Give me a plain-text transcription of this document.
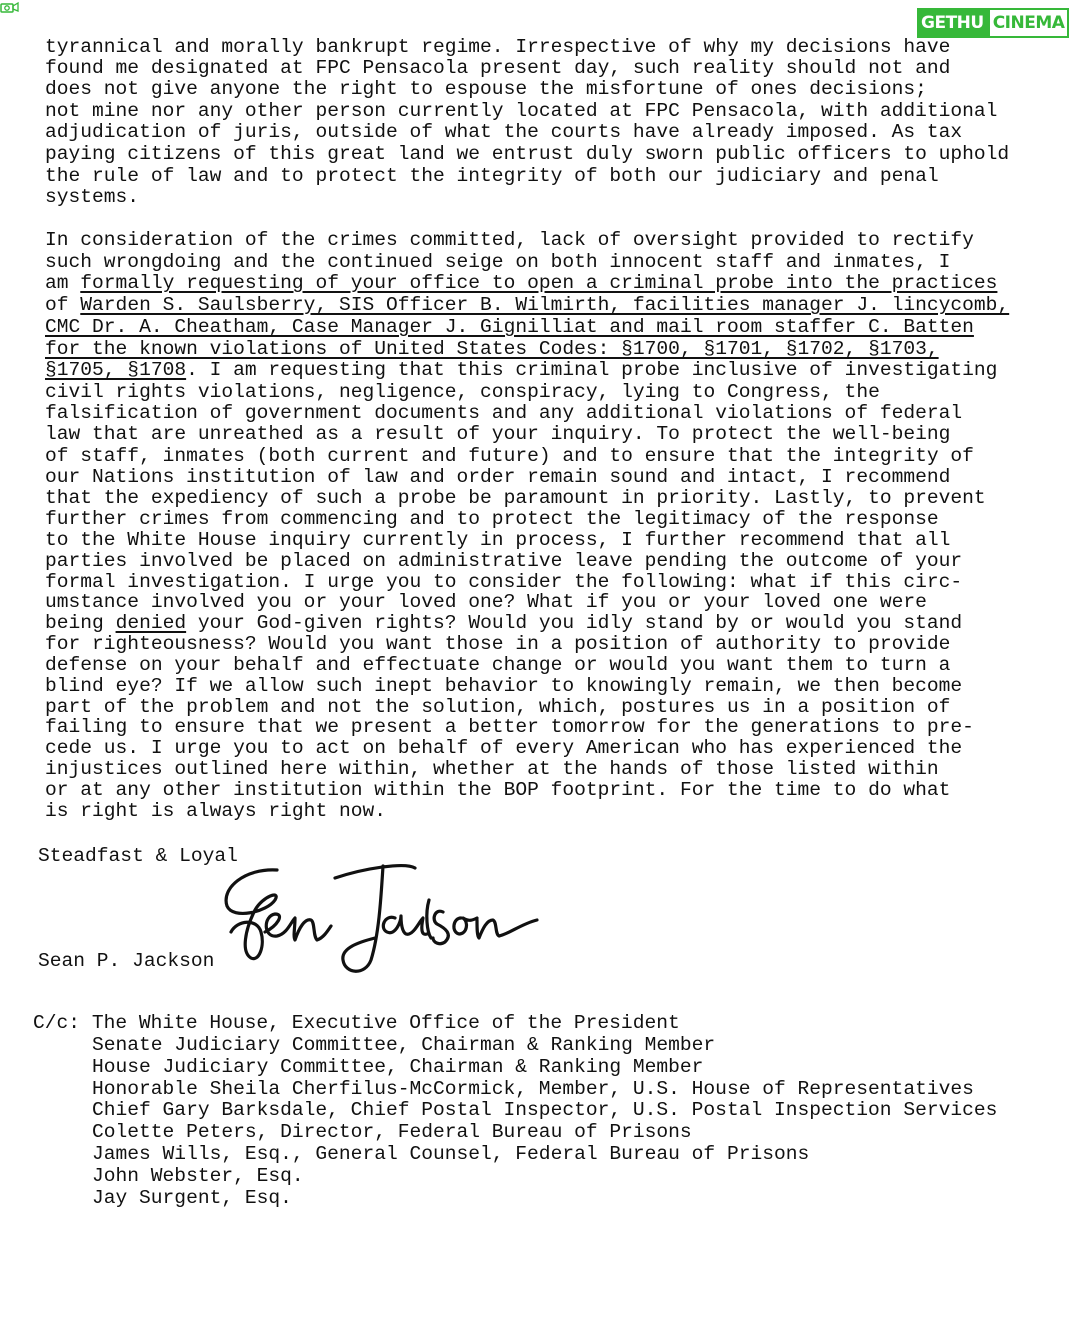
GETHU CINEMA
tyrannical and morally bankrupt regime. Irrespective of why my decisions have
found me designated at FPC Pensacola present day, such reality should not and
does not give anyone the right to espouse the misfortune of ones decisions;
not mine nor any other person currently located at FPC Pensacola, with additional
adjudication of juris, outside of what the courts have already imposed. As tax
paying citizens of this great land we entrust duly sworn public officers to uphold
the rule of law and to protect the integrity of both our judiciary and penal
systems.
In consideration of the crimes committed, lack of oversight provided to rectify
such wrongdoing and the continued seige on both innocent staff and inmates, I
am formally requesting of your office to open a criminal probe into the practices
of Warden S. Saulsberry, SIS Officer B. Wilmirth, facilities manager J. lincycomb,
CMC Dr. A. Cheatham, Case Manager J. Gignilliat and mail room staffer C. Batten
for the known violations of United States Codes: §1700, §1701, §1702, §1703,
§1705, §1708. I am requesting that this criminal probe inclusive of investigating
civil rights violations, negligence, conspiracy, lying to Congress, the
falsification of government documents and any additional violations of federal
law that are unreathed as a result of your inquiry. To protect the well-being
of staff, inmates (both current and future) and to ensure that the integrity of
our Nations institution of law and order remain sound and intact, I recommend
that the expediency of such a probe be paramount in priority. Lastly, to prevent
further crimes from commencing and to protect the legitimacy of the response
to the White House inquiry currently in process, I further recommend that all
parties involved be placed on administrative leave pending the outcome of your
formal investigation. I urge you to consider the following: what if this circ-
umstance involved you or your loved one? What if you or your loved one were
being denied your God-given rights? Would you idly stand by or would you stand
for righteousness? Would you want those in a position of authority to provide
defense on your behalf and effectuate change or would you want them to turn a
blind eye? If we allow such inept behavior to knowingly remain, we then become
part of the problem and not the solution, which, postures us in a position of
failing to ensure that we present a better tomorrow for the generations to pre-
cede us. I urge you to act on behalf of every American who has experienced the
injustices outlined here within, whether at the hands of those listed within
or at any other institution within the BOP footprint. For the time to do what
is right is always right now.
Steadfast & Loyal
Sean P. Jackson
C/c: The White House, Executive Office of the President
Senate Judiciary Committee, Chairman & Ranking Member
House Judiciary Committee, Chairman & Ranking Member
Honorable Sheila Cherfilus-McCormick, Member, U.S. House of Representatives
Chief Gary Barksdale, Chief Postal Inspector, U.S. Postal Inspection Services
Colette Peters, Director, Federal Bureau of Prisons
James Wills, Esq., General Counsel, Federal Bureau of Prisons
John Webster, Esq.
Jay Surgent, Esq.
